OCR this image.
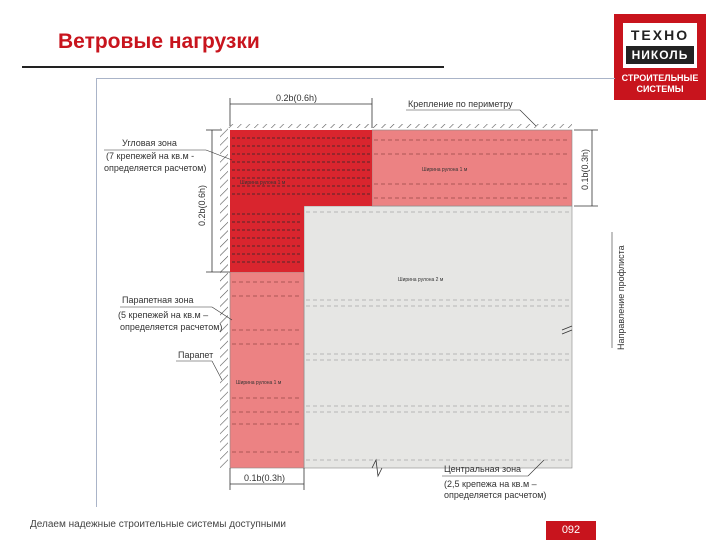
Ветровые нагрузки	ТЕХНО
НИКОЛЬ
СТРОИТЕЛЬНЫЕ
СИСТЕМЫ
0.2b(0.6h)
Крепление по периметру
Угловая зона
(7 крепежей на кв.м -
определяется расчетом)
0.2b(0.6h)
0.1b(0.3h)
Направление профлиста
Ширина рулона 1 м
Ширина рулона 1 м
Ширина рулона 2 м
Ширина рулона 1 м
Парапетная зона
(5 крепежей на кв.м –
определяется расчетом)
Парапет
0.1b(0.3h)
Центральная зона
(2,5 крепежа на кв.м –
определяется расчетом)
Делаем надежные строительные системы доступными	092
